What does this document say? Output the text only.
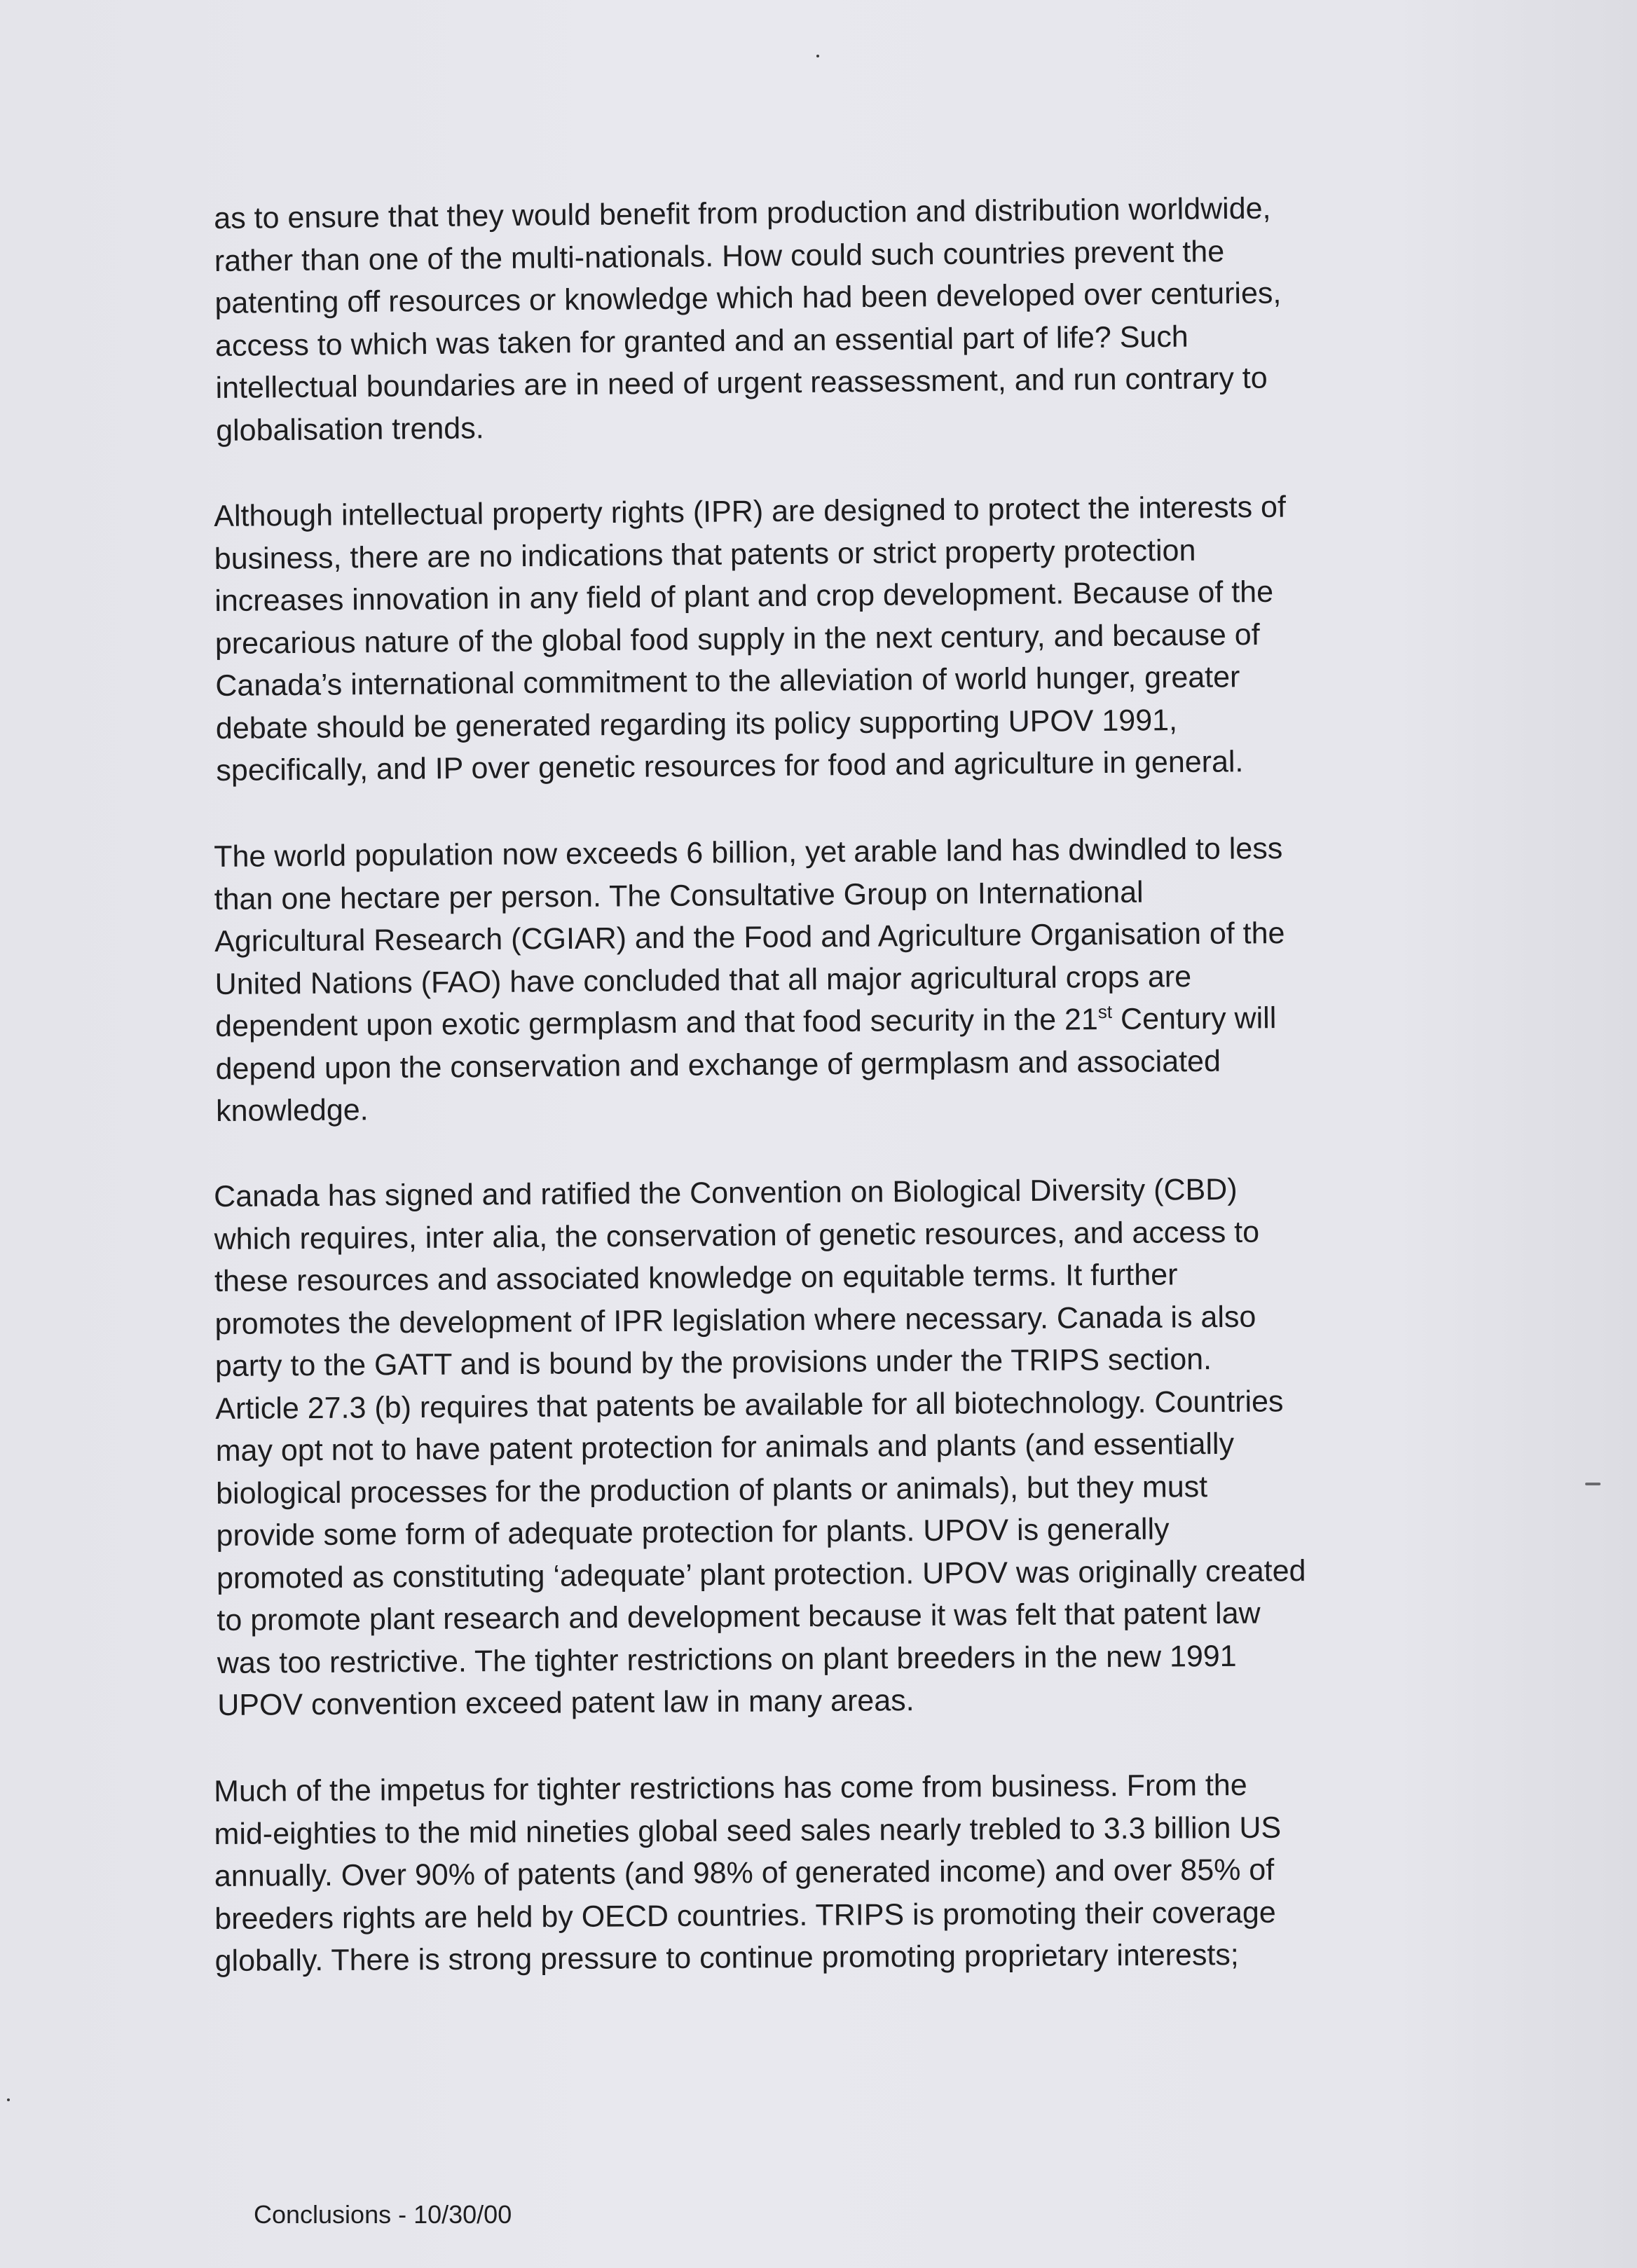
as to ensure that they would benefit from production and distribution worldwide,
rather than one of the multi-nationals. How could such countries prevent the
patenting off resources or knowledge which had been developed over centuries,
access to which was taken for granted and an essential part of life? Such
intellectual boundaries are in need of urgent reassessment, and run contrary to
globalisation trends.
Although intellectual property rights (IPR) are designed to protect the interests of
business, there are no indications that patents or strict property protection
increases innovation in any field of plant and crop development. Because of the
precarious nature of the global food supply in the next century, and because of
Canada’s international commitment to the alleviation of world hunger, greater
debate should be generated regarding its policy supporting UPOV 1991,
specifically, and IP over genetic resources for food and agriculture in general.
The world population now exceeds 6 billion, yet arable land has dwindled to less
than one hectare per person. The Consultative Group on International
Agricultural Research (CGIAR) and the Food and Agriculture Organisation of the
United Nations (FAO) have concluded that all major agricultural crops are
dependent upon exotic germplasm and that food security in the 21st Century will
depend upon the conservation and exchange of germplasm and associated
knowledge.
Canada has signed and ratified the Convention on Biological Diversity (CBD)
which requires, inter alia, the conservation of genetic resources, and access to
these resources and associated knowledge on equitable terms. It further
promotes the development of IPR legislation where necessary. Canada is also
party to the GATT and is bound by the provisions under the TRIPS section.
Article 27.3 (b) requires that patents be available for all biotechnology. Countries
may opt not to have patent protection for animals and plants (and essentially
biological processes for the production of plants or animals), but they must
provide some form of adequate protection for plants. UPOV is generally
promoted as constituting ‘adequate’ plant protection. UPOV was originally created
to promote plant research and development because it was felt that patent law
was too restrictive. The tighter restrictions on plant breeders in the new 1991
UPOV convention exceed patent law in many areas.
Much of the impetus for tighter restrictions has come from business. From the
mid-eighties to the mid nineties global seed sales nearly trebled to 3.3 billion US
annually. Over 90% of patents (and 98% of generated income) and over 85% of
breeders rights are held by OECD countries. TRIPS is promoting their coverage
globally. There is strong pressure to continue promoting proprietary interests;
Conclusions - 10/30/00
